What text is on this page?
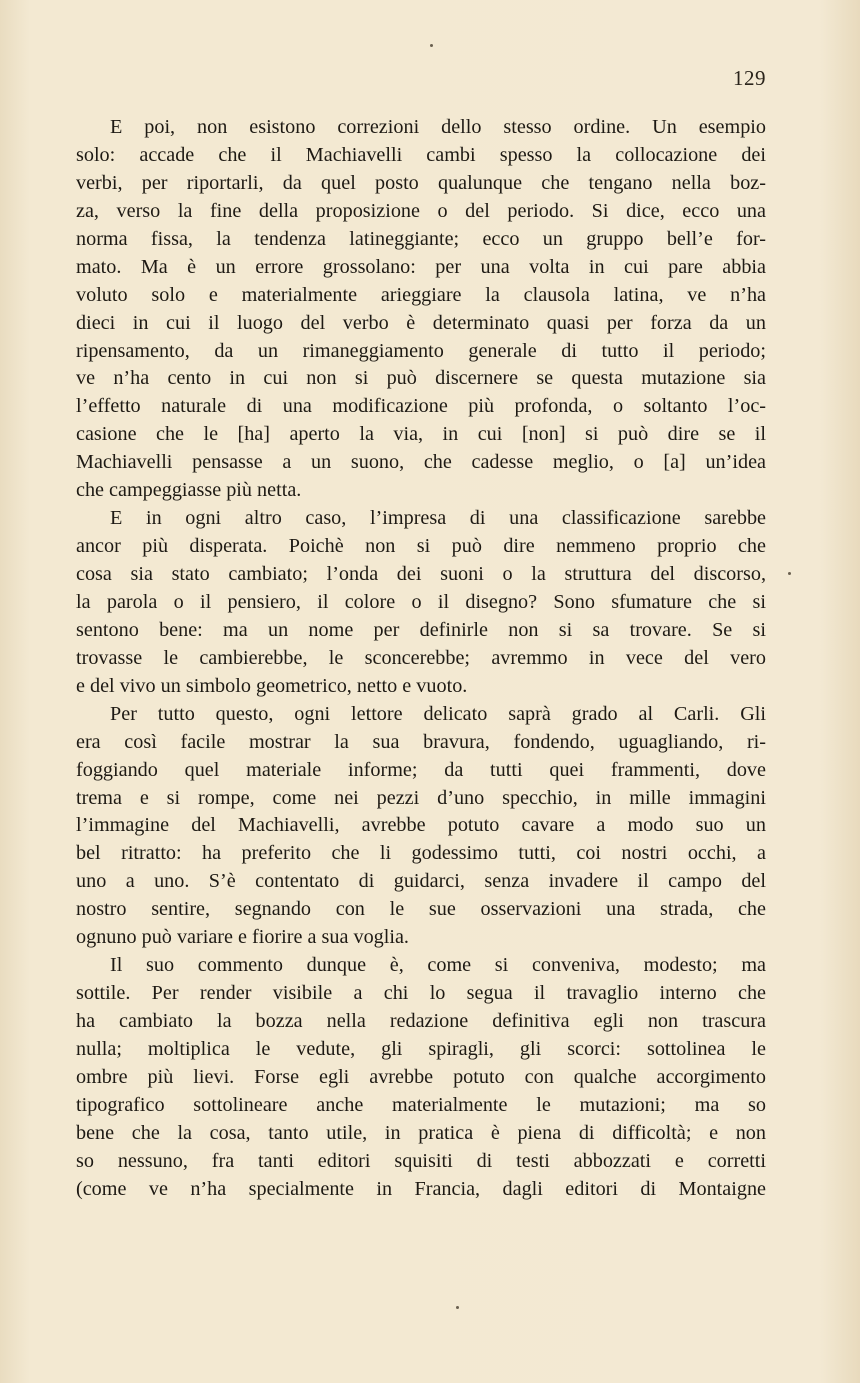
129
E poi, non esistono correzioni dello stesso ordine. Un esempio
solo: accade che il Machiavelli cambi spesso la collocazione dei
verbi, per riportarli, da quel posto qualunque che tengano nella boz-
za, verso la fine della proposizione o del periodo. Si dice, ecco una
norma fissa, la tendenza latineggiante; ecco un gruppo bell’e for-
mato. Ma è un errore grossolano: per una volta in cui pare abbia
voluto solo e materialmente arieggiare la clausola latina, ve n’ha
dieci in cui il luogo del verbo è determinato quasi per forza da un
ripensamento, da un rimaneggiamento generale di tutto il periodo;
ve n’ha cento in cui non si può discernere se questa mutazione sia
l’effetto naturale di una modificazione più profonda, o soltanto l’oc-
casione che le [ha] aperto la via, in cui [non] si può dire se il
Machiavelli pensasse a un suono, che cadesse meglio, o [a] un’idea
che campeggiasse più netta.
E in ogni altro caso, l’impresa di una classificazione sarebbe
ancor più disperata. Poichè non si può dire nemmeno proprio che
cosa sia stato cambiato; l’onda dei suoni o la struttura del discorso,
la parola o il pensiero, il colore o il disegno? Sono sfumature che si
sentono bene: ma un nome per definirle non si sa trovare. Se si
trovasse le cambierebbe, le sconcerebbe; avremmo in vece del vero
e del vivo un simbolo geometrico, netto e vuoto.
Per tutto questo, ogni lettore delicato saprà grado al Carli. Gli
era così facile mostrar la sua bravura, fondendo, uguagliando, ri-
foggiando quel materiale informe; da tutti quei frammenti, dove
trema e si rompe, come nei pezzi d’uno specchio, in mille immagini
l’immagine del Machiavelli, avrebbe potuto cavare a modo suo un
bel ritratto: ha preferito che li godessimo tutti, coi nostri occhi, a
uno a uno. S’è contentato di guidarci, senza invadere il campo del
nostro sentire, segnando con le sue osservazioni una strada, che
ognuno può variare e fiorire a sua voglia.
Il suo commento dunque è, come si conveniva, modesto; ma
sottile. Per render visibile a chi lo segua il travaglio interno che
ha cambiato la bozza nella redazione definitiva egli non trascura
nulla; moltiplica le vedute, gli spiragli, gli scorci: sottolinea le
ombre più lievi. Forse egli avrebbe potuto con qualche accorgimento
tipografico sottolineare anche materialmente le mutazioni; ma so
bene che la cosa, tanto utile, in pratica è piena di difficoltà; e non
so nessuno, fra tanti editori squisiti di testi abbozzati e corretti
(come ve n’ha specialmente in Francia, dagli editori di Montaigne
